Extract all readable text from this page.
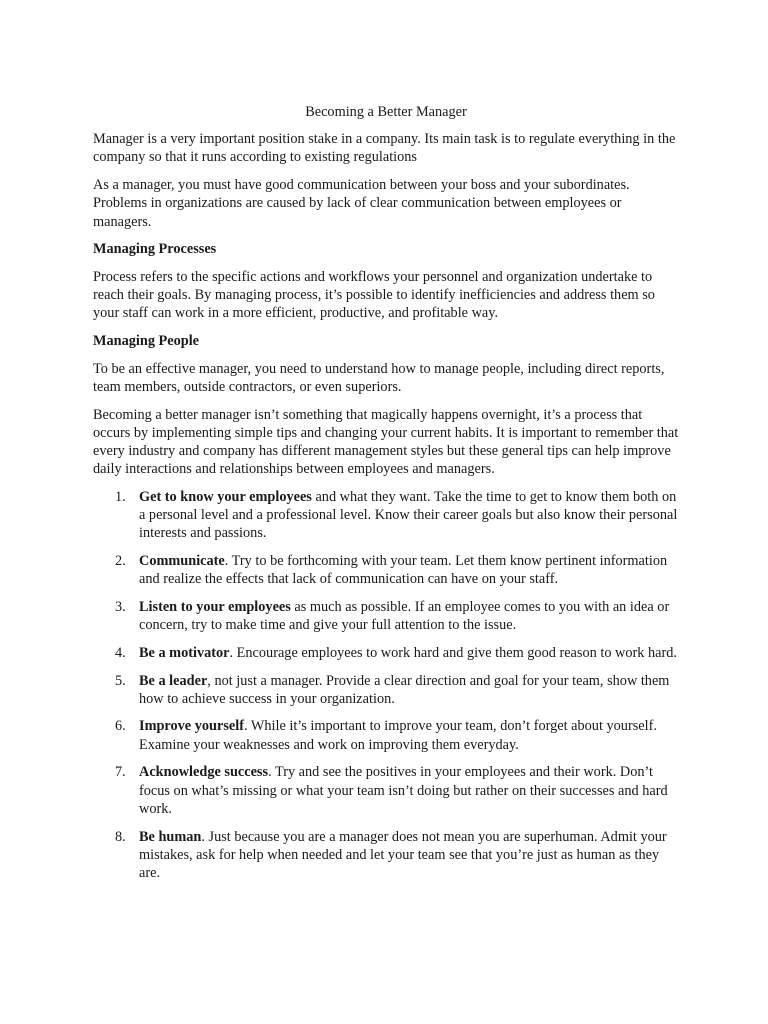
Becoming a Better Manager

Manager is a very important position stake in a company. Its main task is to regulate everything in the company so that it runs according to existing regulations

As a manager, you must have good communication between your boss and your subordinates. Problems in organizations are caused by lack of clear communication between employees or managers.

Managing Processes

Process refers to the specific actions and workflows your personnel and organization undertake to reach their goals. By managing process, it’s possible to identify inefficiencies and address them so your staff can work in a more efficient, productive, and profitable way.

Managing People

To be an effective manager, you need to understand how to manage people, including direct reports, team members, outside contractors, or even superiors.

Becoming a better manager isn’t something that magically happens overnight, it’s a process that occurs by implementing simple tips and changing your current habits. It is important to remember that every industry and company has different management styles but these general tips can help improve daily interactions and relationships between employees and managers.

1. Get to know your employees and what they want. Take the time to get to know them both on a personal level and a professional level. Know their career goals but also know their personal interests and passions.
2. Communicate. Try to be forthcoming with your team. Let them know pertinent information and realize the effects that lack of communication can have on your staff.
3. Listen to your employees as much as possible. If an employee comes to you with an idea or concern, try to make time and give your full attention to the issue.
4. Be a motivator. Encourage employees to work hard and give them good reason to work hard.
5. Be a leader, not just a manager. Provide a clear direction and goal for your team, show them how to achieve success in your organization.
6. Improve yourself. While it’s important to improve your team, don’t forget about yourself. Examine your weaknesses and work on improving them everyday.
7. Acknowledge success. Try and see the positives in your employees and their work. Don’t focus on what’s missing or what your team isn’t doing but rather on their successes and hard work.
8. Be human. Just because you are a manager does not mean you are superhuman. Admit your mistakes, ask for help when needed and let your team see that you’re just as human as they are.
